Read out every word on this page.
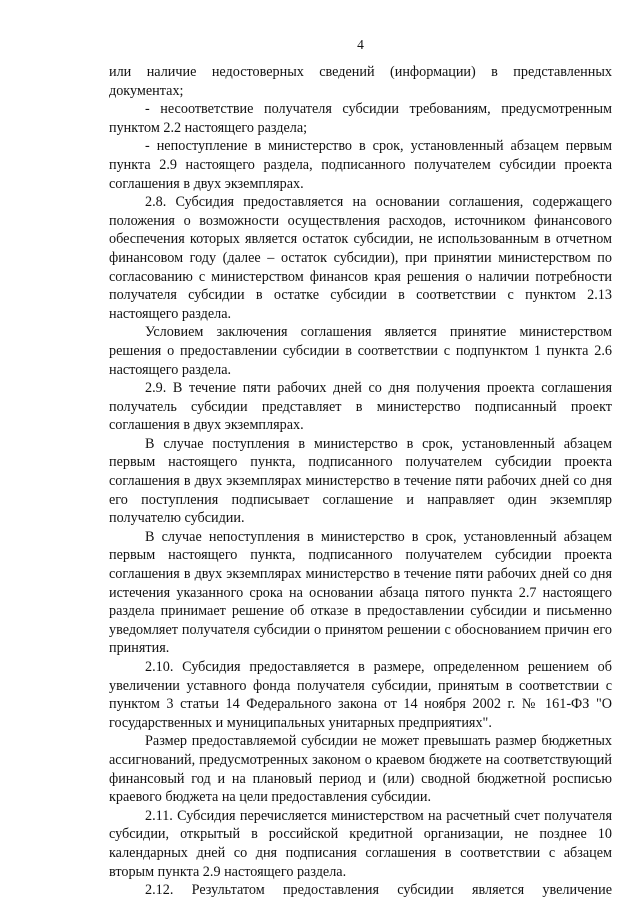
4

или наличие недостоверных сведений (информации) в представленных документах;

- несоответствие получателя субсидии требованиям, предусмотренным пунктом 2.2 настоящего раздела;

- непоступление в министерство в срок, установленный абзацем первым пункта 2.9 настоящего раздела, подписанного получателем субсидии проекта соглашения в двух экземплярах.

2.8. Субсидия предоставляется на основании соглашения, содержащего положения о возможности осуществления расходов, источником финансового обеспечения которых является остаток субсидии, не использованным в отчетном финансовом году (далее – остаток субсидии), при принятии министерством по согласованию с министерством финансов края решения о наличии потребности получателя субсидии в остатке субсидии в соответствии с пунктом 2.13 настоящего раздела.

Условием заключения соглашения является принятие министерством решения о предоставлении субсидии в соответствии с подпунктом 1 пункта 2.6 настоящего раздела.

2.9. В течение пяти рабочих дней со дня получения проекта соглашения получатель субсидии представляет в министерство подписанный проект соглашения в двух экземплярах.

В случае поступления в министерство в срок, установленный абзацем первым настоящего пункта, подписанного получателем субсидии проекта соглашения в двух экземплярах министерство в течение пяти рабочих дней со дня его поступления подписывает соглашение и направляет один экземпляр получателю субсидии.

В случае непоступления в министерство в срок, установленный абзацем первым настоящего пункта, подписанного получателем субсидии проекта соглашения в двух экземплярах министерство в течение пяти рабочих дней со дня истечения указанного срока на основании абзаца пятого пункта 2.7 настоящего раздела принимает решение об отказе в предоставлении субсидии и письменно уведомляет получателя субсидии о принятом решении с обоснованием причин его принятия.

2.10. Субсидия предоставляется в размере, определенном решением об увеличении уставного фонда получателя субсидии, принятым в соответствии с пунктом 3 статьи 14 Федерального закона от 14 ноября 2002 г. № 161-ФЗ "О государственных и муниципальных унитарных предприятиях".

Размер предоставляемой субсидии не может превышать размер бюджетных ассигнований, предусмотренных законом о краевом бюджете на соответствующий финансовый год и на плановый период и (или) сводной бюджетной росписью краевого бюджета на цели предоставления субсидии.

2.11. Субсидия перечисляется министерством на расчетный счет получателя субсидии, открытый в российской кредитной организации, не позднее 10 календарных дней со дня подписания соглашения в соответствии с абзацем вторым пункта 2.9 настоящего раздела.

2.12. Результатом предоставления субсидии является увеличение
